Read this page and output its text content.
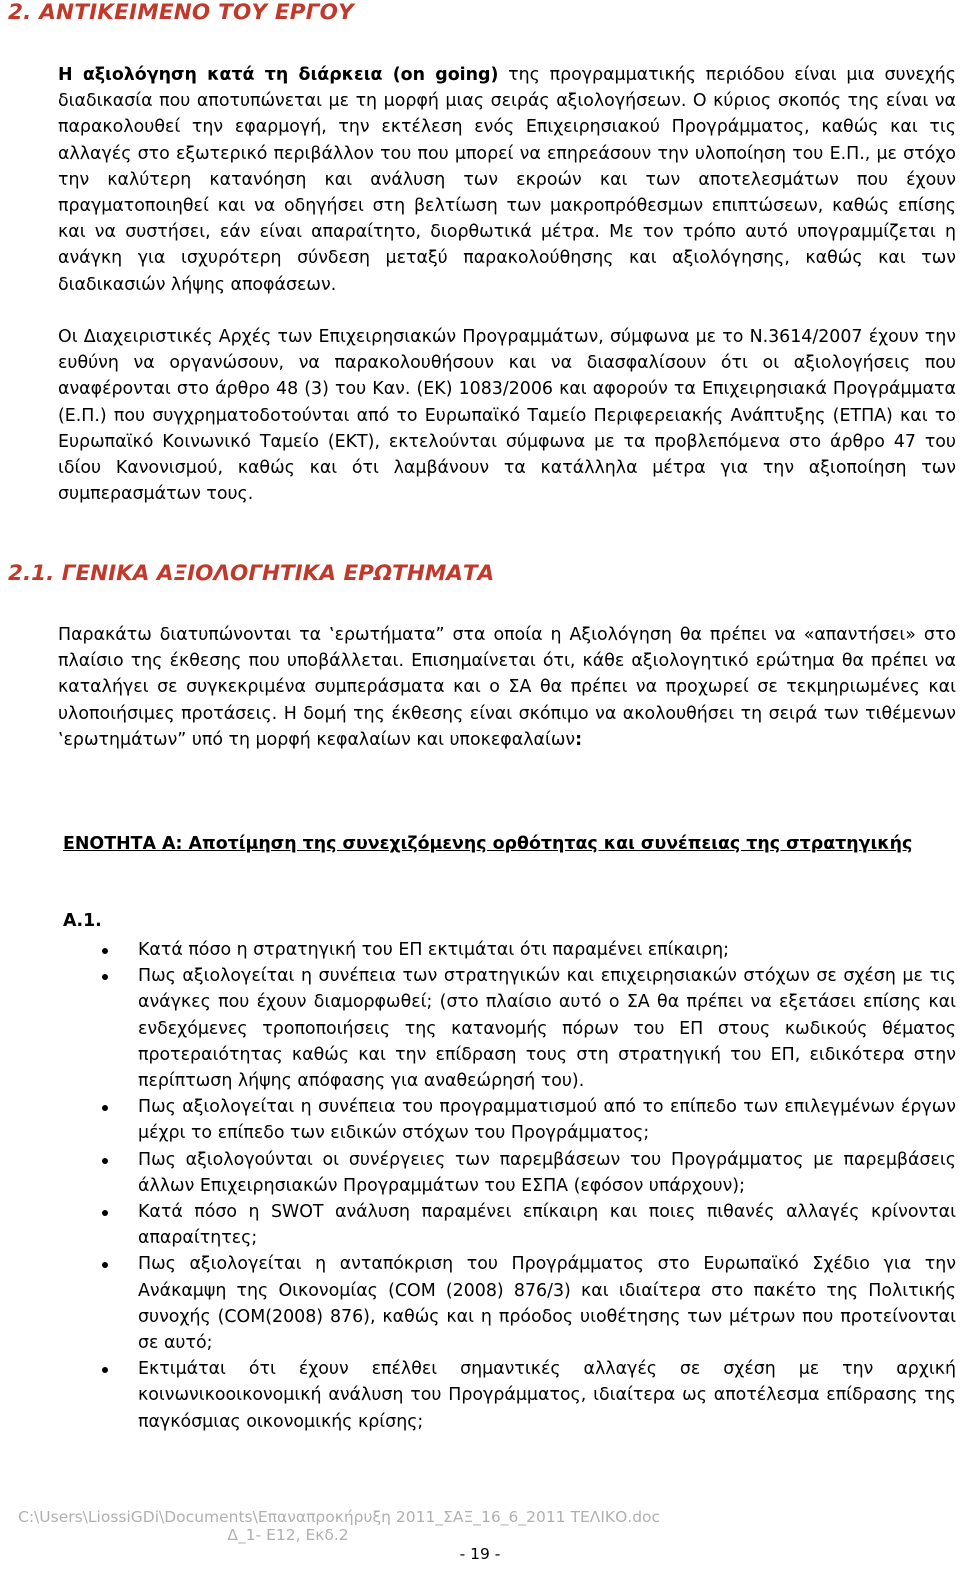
2. ΑΝΤΙΚΕΙΜΕΝΟ ΤΟΥ ΕΡΓΟΥ

Η αξιολόγηση κατά τη διάρκεια (on going) της προγραμματικής περιόδου είναι μια συνεχής διαδικασία που αποτυπώνεται με τη μορφή μιας σειράς αξιολογήσεων. Ο κύριος σκοπός της είναι να παρακολουθεί την εφαρμογή, την εκτέλεση ενός Επιχειρησιακού Προγράμματος, καθώς και τις αλλαγές στο εξωτερικό περιβάλλον του που μπορεί να επηρεάσουν την υλοποίηση του Ε.Π., με στόχο την καλύτερη κατανόηση και ανάλυση των εκροών και των αποτελεσμάτων που έχουν πραγματοποιηθεί και να οδηγήσει στη βελτίωση των μακροπρόθεσμων επιπτώσεων, καθώς επίσης και να συστήσει, εάν είναι απαραίτητο, διορθωτικά μέτρα. Με τον τρόπο αυτό υπογραμμίζεται η ανάγκη για ισχυρότερη σύνδεση μεταξύ παρακολούθησης και αξιολόγησης, καθώς και των διαδικασιών λήψης αποφάσεων.

Οι Διαχειριστικές Αρχές των Επιχειρησιακών Προγραμμάτων, σύμφωνα με το Ν.3614/2007 έχουν την ευθύνη να οργανώσουν, να παρακολουθήσουν και να διασφαλίσουν ότι οι αξιολογήσεις που αναφέρονται στο άρθρο 48 (3) του Καν. (ΕΚ) 1083/2006 και αφορούν τα Επιχειρησιακά Προγράμματα (Ε.Π.) που συγχρηματοδοτούνται από το Ευρωπαϊκό Ταμείο Περιφερειακής Ανάπτυξης (ΕΤΠΑ) και το Ευρωπαϊκό Κοινωνικό Ταμείο (ΕΚΤ), εκτελούνται σύμφωνα με τα προβλεπόμενα στο άρθρο 47 του ιδίου Κανονισμού, καθώς και ότι λαμβάνουν τα κατάλληλα μέτρα για την αξιοποίηση των συμπερασμάτων τους.

2.1. ΓΕΝΙΚΑ ΑΞΙΟΛΟΓΗΤΙΚΑ ΕΡΩΤΗΜΑΤΑ

Παρακάτω διατυπώνονται τα ‛ερωτήματα” στα οποία η Αξιολόγηση θα πρέπει να «απαντήσει» στο πλαίσιο της έκθεσης που υποβάλλεται. Επισημαίνεται ότι, κάθε αξιολογητικό ερώτημα θα πρέπει να καταλήγει σε συγκεκριμένα συμπεράσματα και ο ΣΑ θα πρέπει να προχωρεί σε τεκμηριωμένες και υλοποιήσιμες προτάσεις. Η δομή της έκθεσης είναι σκόπιμο να ακολουθήσει τη σειρά των τιθέμενων ‛ερωτημάτων” υπό τη μορφή κεφαλαίων και υποκεφαλαίων:

ΕΝΟΤΗΤΑ Α: Αποτίμηση της συνεχιζόμενης ορθότητας και συνέπειας της στρατηγικής

Α.1.

Κατά πόσο η στρατηγική του ΕΠ εκτιμάται ότι παραμένει επίκαιρη;
Πως αξιολογείται η συνέπεια των στρατηγικών και επιχειρησιακών στόχων σε σχέση με τις ανάγκες που έχουν διαμορφωθεί; (στο πλαίσιο αυτό ο ΣΑ θα πρέπει να εξετάσει επίσης και ενδεχόμενες τροποποιήσεις της κατανομής πόρων του ΕΠ στους κωδικούς θέματος προτεραιότητας καθώς και την επίδραση τους στη στρατηγική του ΕΠ, ειδικότερα στην περίπτωση λήψης απόφασης για αναθεώρησή του).
Πως αξιολογείται η συνέπεια του προγραμματισμού από το επίπεδο των επιλεγμένων έργων μέχρι το επίπεδο των ειδικών στόχων του Προγράμματος;
Πως αξιολογούνται οι συνέργειες των παρεμβάσεων του Προγράμματος με παρεμβάσεις άλλων Επιχειρησιακών Προγραμμάτων του ΕΣΠΑ (εφόσον υπάρχουν);
Κατά πόσο η SWOT ανάλυση παραμένει επίκαιρη και ποιες πιθανές αλλαγές κρίνονται απαραίτητες;
Πως αξιολογείται η ανταπόκριση του Προγράμματος στο Ευρωπαϊκό Σχέδιο για την Ανάκαμψη της Οικονομίας (COM (2008) 876/3) και ιδιαίτερα στο πακέτο της Πολιτικής συνοχής (COM(2008) 876), καθώς και η πρόοδος υιοθέτησης των μέτρων που προτείνονται σε αυτό;
Εκτιμάται ότι έχουν επέλθει σημαντικές αλλαγές σε σχέση με την αρχική κοινωνικοοικονομική ανάλυση του Προγράμματος, ιδιαίτερα ως αποτέλεσμα επίδρασης της παγκόσμιας οικονομικής κρίσης;

C:\Users\LiossiGDi\Documents\Επαναπροκήρυξη 2011_ΣΑΞ_16_6_2011 ΤΕΛΙΚΟ.doc

Δ_1- Ε12, Εκδ.2

- 19 -
